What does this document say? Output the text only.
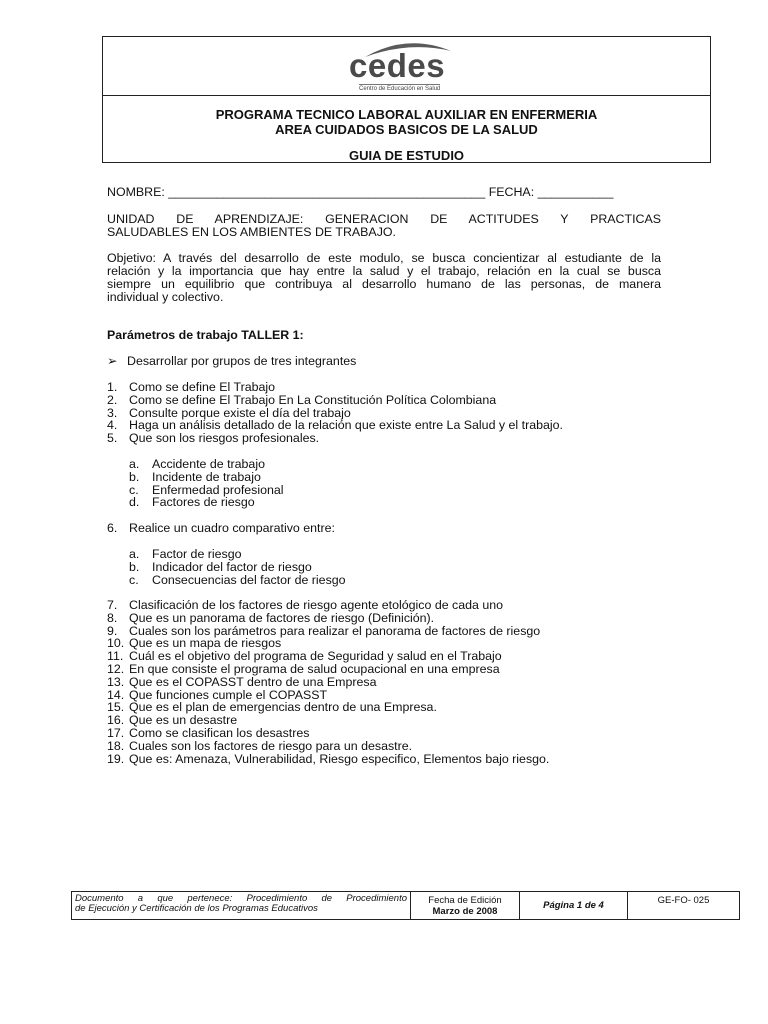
cedes
Centro de Educación en Salud
PROGRAMA TECNICO LABORAL AUXILIAR EN ENFERMERIA
AREA CUIDADOS BASICOS DE LA SALUD
GUIA DE ESTUDIO
NOMBRE: ______________________________________________ FECHA: ___________
UNIDAD DE APRENDIZAJE: GENERACION DE ACTITUDES Y PRACTICAS
SALUDABLES EN LOS AMBIENTES DE TRABAJO.
Objetivo: A través del desarrollo de este modulo, se busca concientizar al estudiante de la
relación y la importancia que hay entre la salud y el trabajo, relación en la cual se busca
siempre un equilibrio que contribuya al desarrollo humano de las personas, de manera
individual y colectivo.
Parámetros de trabajo TALLER 1:
➢ Desarrollar por grupos de tres integrantes
1. Como se define El Trabajo
2. Como se define El Trabajo En La Constitución Política Colombiana
3. Consulte porque existe el día del trabajo
4. Haga un análisis detallado de la relación que existe entre La Salud y el trabajo.
5. Que son los riesgos profesionales.
a. Accidente de trabajo
b. Incidente de trabajo
c. Enfermedad profesional
d. Factores de riesgo
6. Realice un cuadro comparativo entre:
a. Factor de riesgo
b. Indicador del factor de riesgo
c. Consecuencias del factor de riesgo
7. Clasificación de los factores de riesgo agente etológico de cada uno
8. Que es un panorama de factores de riesgo (Definición).
9. Cuales son los parámetros para realizar el panorama de factores de riesgo
10. Que es un mapa de riesgos
11. Cuál es el objetivo del programa de Seguridad y salud en el Trabajo
12. En que consiste el programa de salud ocupacional en una empresa
13. Que es el COPASST dentro de una Empresa
14. Que funciones cumple el COPASST
15. Que es el plan de emergencias dentro de una Empresa.
16. Que es un desastre
17. Como se clasifican los desastres
18. Cuales son los factores de riesgo para un desastre.
19. Que es: Amenaza, Vulnerabilidad, Riesgo especifico, Elementos bajo riesgo.
Documento a que pertenece: Procedimiento de Procedimiento
de Ejecución y Certificación de los Programas Educativos
Fecha de Edición
Marzo de 2008
Página 1 de 4	GE-FO- 025
